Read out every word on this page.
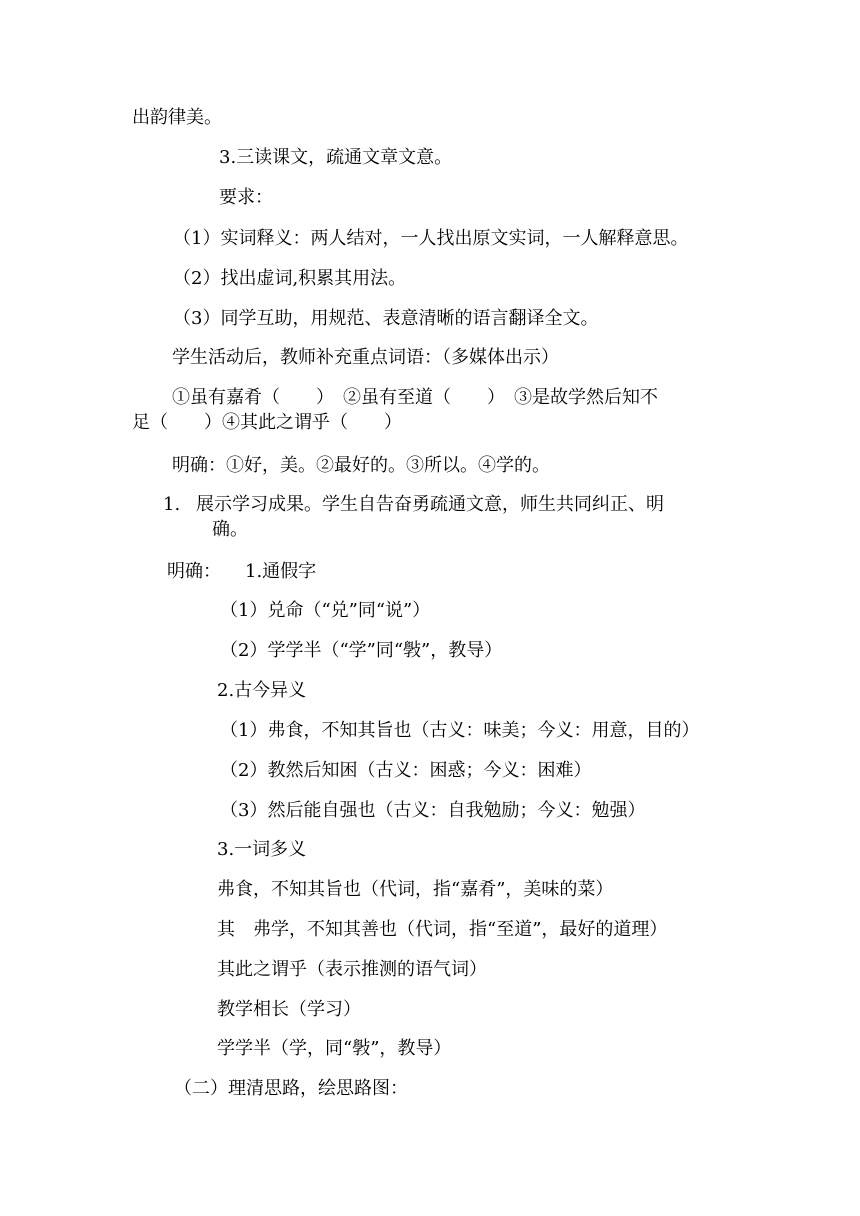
出韵律美。
3.三读课文，疏通文章文意。
要求：
（1）实词释义：两人结对，一人找出原文实词，一人解释意思。
（2）找出虚词,积累其用法。
（3）同学互助，用规范、表意清晰的语言翻译全文。
学生活动后，教师补充重点词语：（多媒体出示）
①虽有嘉肴（　　）　②虽有至道（　　）　③是故学然后知不
足（　　）④其此之谓乎（　　）
明确：①好，美。②最好的。③所以。④学的。
1. 展示学习成果。学生自告奋勇疏通文意，师生共同纠正、明
确。
明确： 1.通假字
（1）兑命（“兑”同“说”）
（2）学学半（“学”同“斅”，教导）
2.古今异义
（1）弗食，不知其旨也（古义：味美；今义：用意，目的）
（2）教然后知困（古义：困惑；今义：困难）
（3）然后能自强也（古义：自我勉励；今义：勉强）
3.一词多义
弗食，不知其旨也（代词，指“嘉肴”，美味的菜）
其　弗学，不知其善也（代词，指“至道”，最好的道理）
其此之谓乎（表示推测的语气词）
教学相长（学习）
学学半（学，同“斅”，教导）
（二）理清思路，绘思路图：
